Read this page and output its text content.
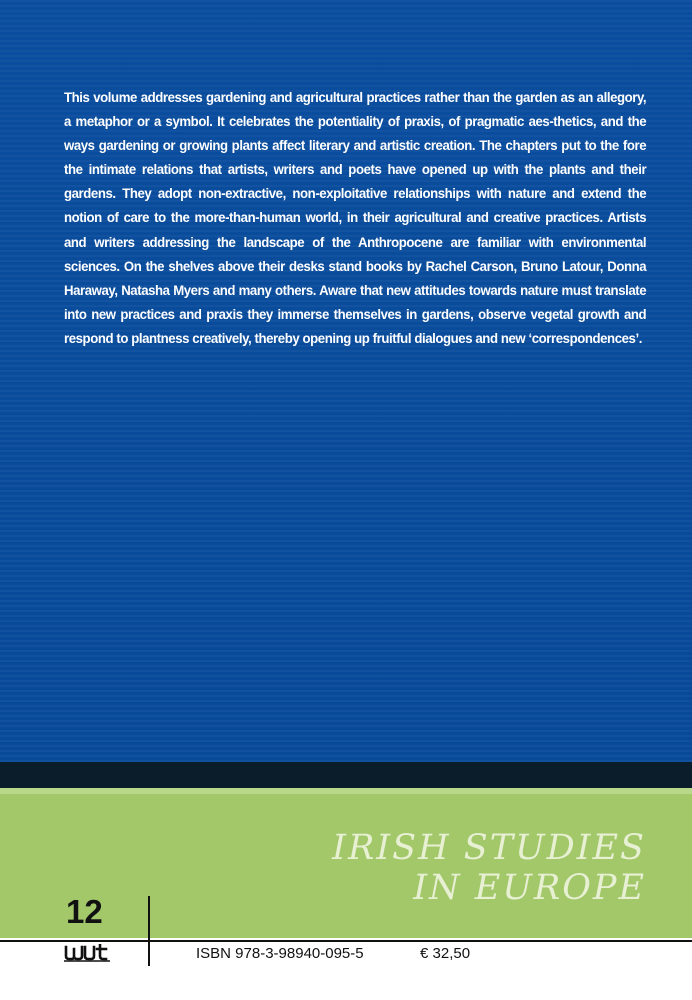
This volume addresses gardening and agricultural practices rather than the garden as an allegory, a metaphor or a symbol. It celebrates the potentiality of praxis, of pragmatic aes-thetics, and the ways gardening or growing plants affect literary and artistic creation. The chapters put to the fore the intimate relations that artists, writers and poets have opened up with the plants and their gardens. They adopt non-extractive, non-exploitative relationships with nature and extend the notion of care to the more-than-human world, in their agricultural and creative practices. Artists and writers addressing the landscape of the Anthropocene are familiar with environmental sciences. On the shelves above their desks stand books by Rachel Carson, Bruno Latour, Donna Haraway, Natasha Myers and many others. Aware that new attitudes towards nature must translate into new practices and praxis they immerse themselves in gardens, observe vegetal growth and respond to plantness creatively, thereby opening up fruitful dialogues and new ‘correspondences’.

IRISH STUDIES
IN EUROPE
12
ISBN 978-3-98940-095-5	€ 32,50
